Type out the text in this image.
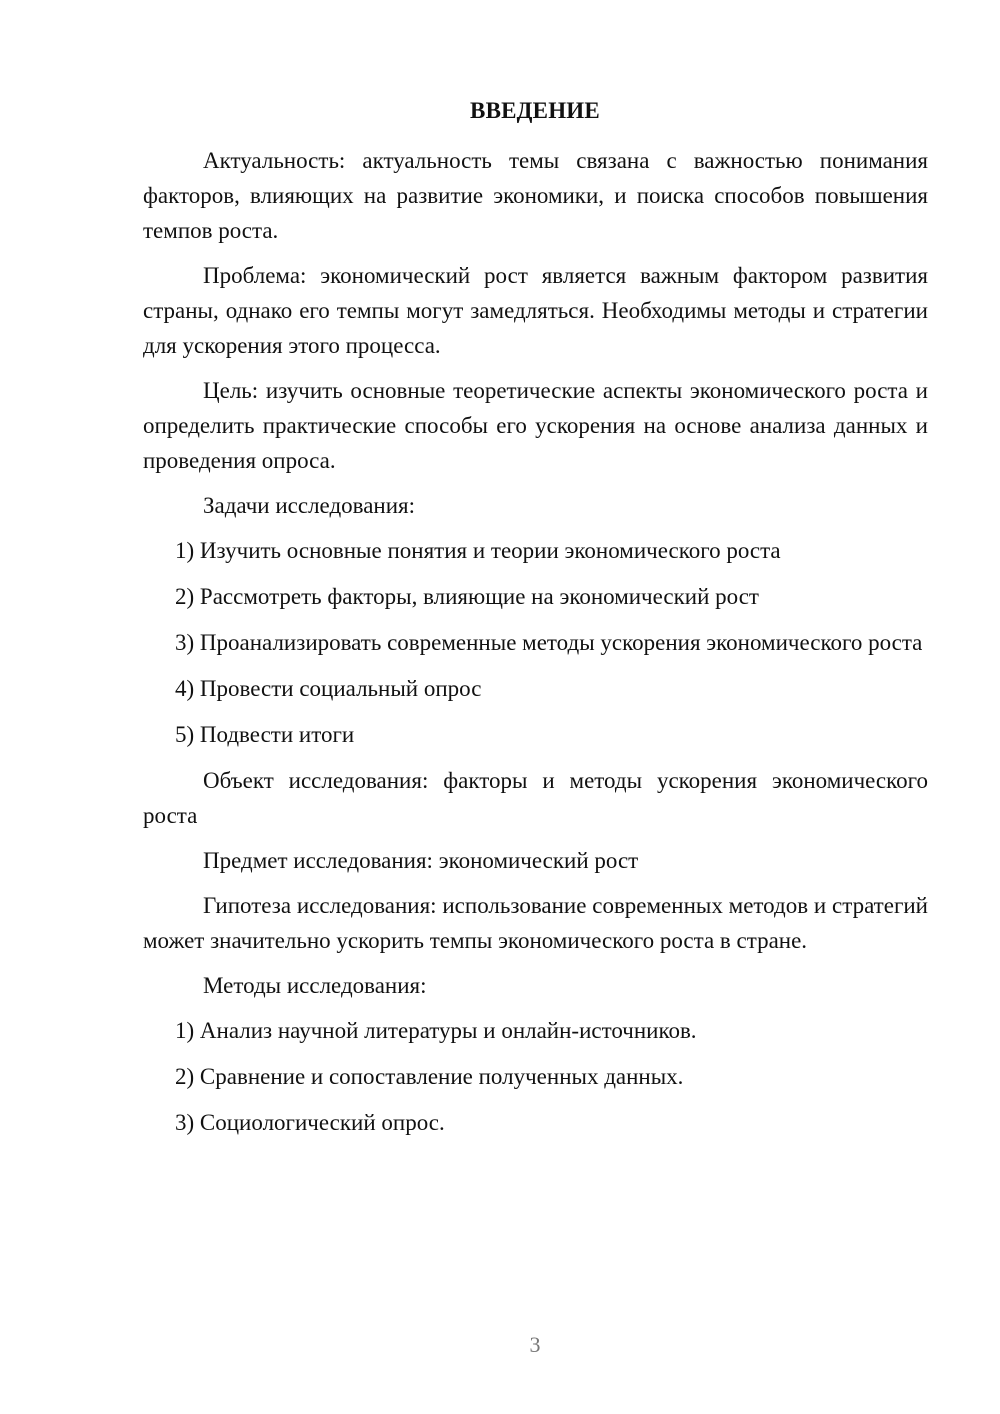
ВВЕДЕНИЕ

Актуальность: актуальность темы связана с важностью понимания факторов, влияющих на развитие экономики, и поиска способов повышения темпов роста.

Проблема: экономический рост является важным фактором развития страны, однако его темпы могут замедляться. Необходимы методы и стратегии для ускорения этого процесса.

Цель: изучить основные теоретические аспекты экономического роста и определить практические способы его ускорения на основе анализа данных и проведения опроса.

Задачи исследования:

1) Изучить основные понятия и теории экономического роста

2) Рассмотреть факторы, влияющие на экономический рост

3) Проанализировать современные методы ускорения экономического роста

4) Провести социальный опрос

5) Подвести итоги

Объект исследования: факторы и методы ускорения экономического роста

Предмет исследования: экономический рост

Гипотеза исследования: использование современных методов и стратегий может значительно ускорить темпы экономического роста в стране.

Методы исследования:

1) Анализ научной литературы и онлайн-источников.

2) Сравнение и сопоставление полученных данных.

3) Социологический опрос.

3
